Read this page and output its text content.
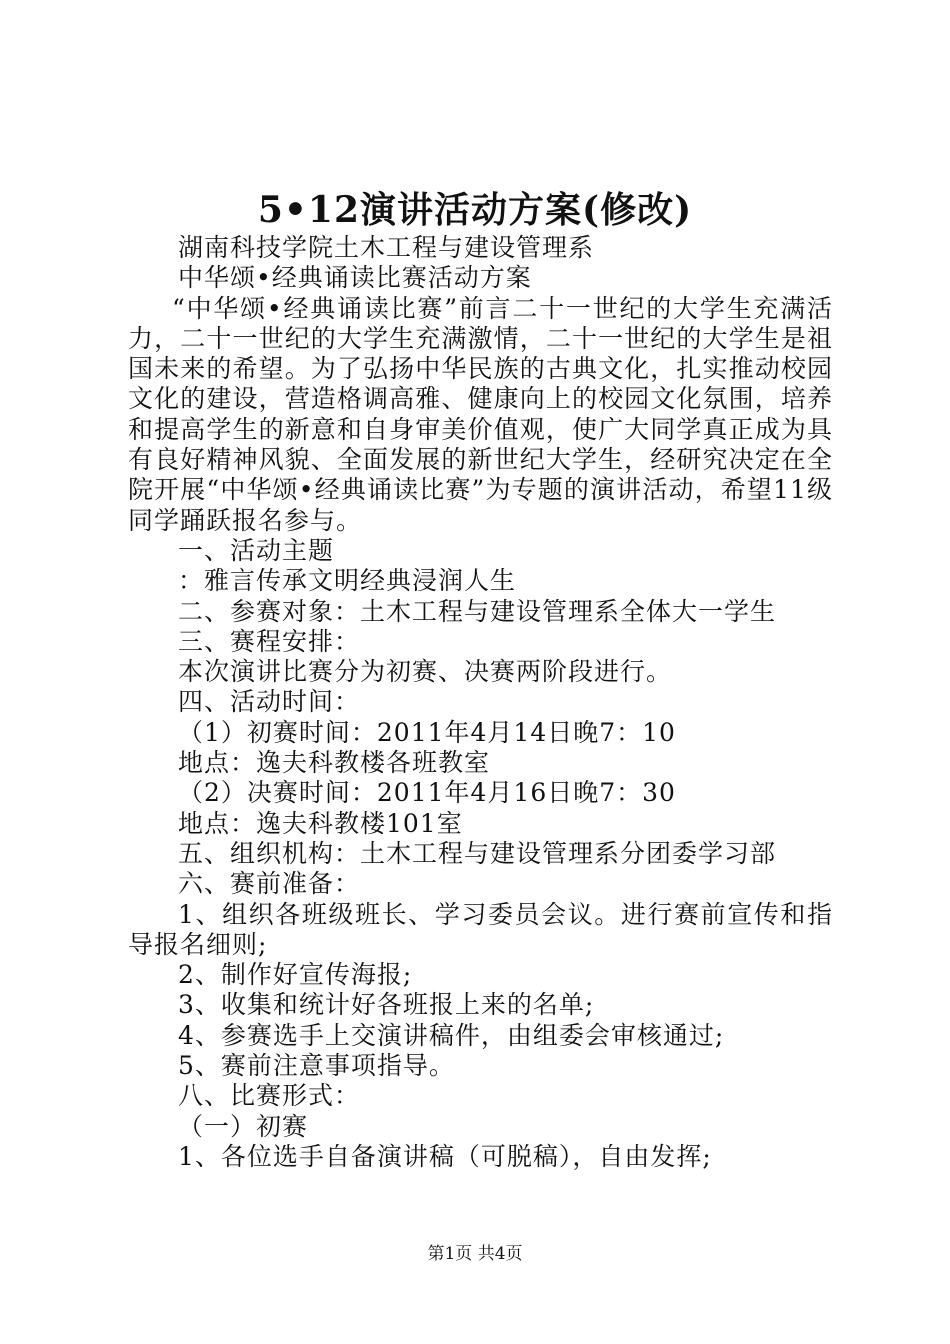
5•12演讲活动方案(修改)

湖南科技学院土木工程与建设管理系

中华颂•经典诵读比赛活动方案

“中华颂•经典诵读比赛”前言二十一世纪的大学生充满活力，二十一世纪的大学生充满激情，二十一世纪的大学生是祖国未来的希望。为了弘扬中华民族的古典文化，扎实推动校园文化的建设，营造格调高雅、健康向上的校园文化氛围，培养和提高学生的新意和自身审美价值观，使广大同学真正成为具有良好精神风貌、全面发展的新世纪大学生，经研究决定在全院开展“中华颂•经典诵读比赛”为专题的演讲活动，希望11级同学踊跃报名参与。

一、活动主题

：雅言传承文明经典浸润人生

二、参赛对象：土木工程与建设管理系全体大一学生

三、赛程安排：

本次演讲比赛分为初赛、决赛两阶段进行。

四、活动时间：

（1）初赛时间：2011年4月14日晚7：10

地点：逸夫科教楼各班教室

（2）决赛时间：2011年4月16日晚7：30

地点：逸夫科教楼101室

五、组织机构：土木工程与建设管理系分团委学习部

六、赛前准备：

1、组织各班级班长、学习委员会议。进行赛前宣传和指导报名细则;

2、制作好宣传海报;

3、收集和统计好各班报上来的名单;

4、参赛选手上交演讲稿件，由组委会审核通过;

5、赛前注意事项指导。

八、比赛形式：

（一）初赛

1、各位选手自备演讲稿（可脱稿），自由发挥;

第1页 共4页
